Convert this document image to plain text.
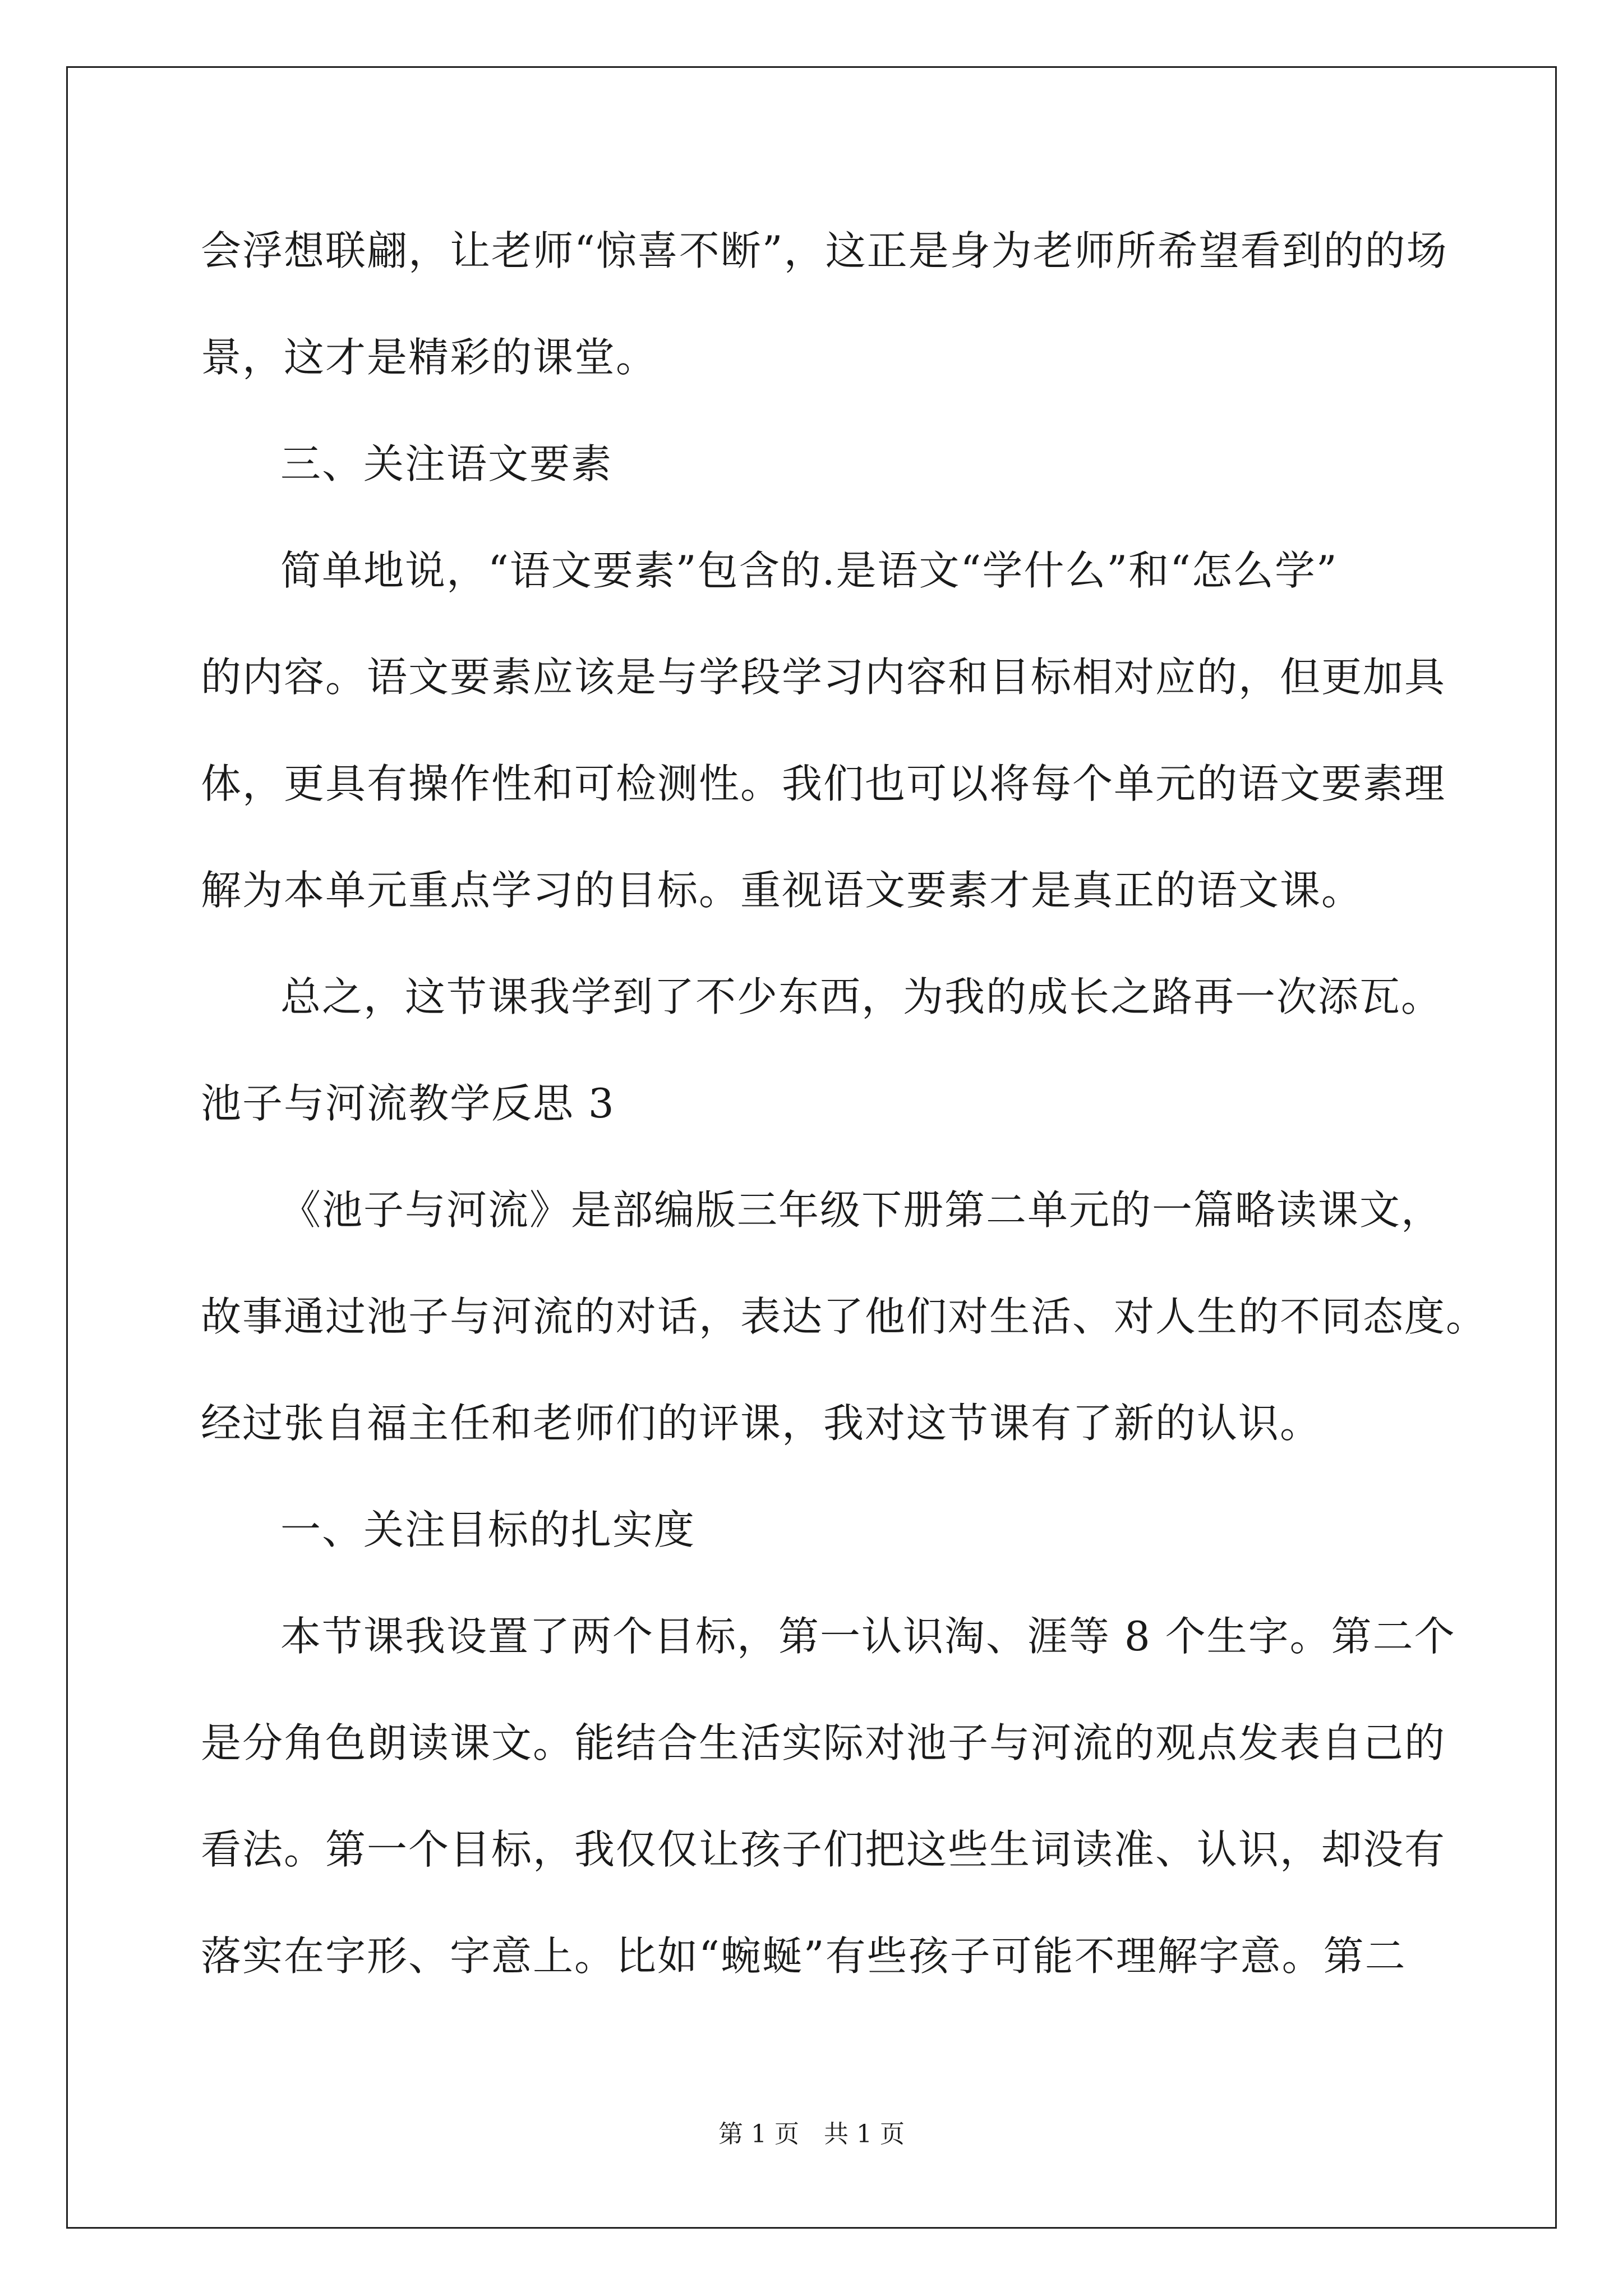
会浮想联翩，让老师“惊喜不断”，这正是身为老师所希望看到的的场
景，这才是精彩的课堂。
三、关注语文要素
简单地说，“语文要素”包含的.是语文“学什么”和“怎么学”
的内容。语文要素应该是与学段学习内容和目标相对应的，但更加具
体，更具有操作性和可检测性。我们也可以将每个单元的语文要素理
解为本单元重点学习的目标。重视语文要素才是真正的语文课。
总之，这节课我学到了不少东西，为我的成长之路再一次添瓦。
池子与河流教学反思 3
《池子与河流》是部编版三年级下册第二单元的一篇略读课文，
故事通过池子与河流的对话，表达了他们对生活、对人生的不同态度。
经过张自福主任和老师们的评课，我对这节课有了新的认识。
一、关注目标的扎实度
本节课我设置了两个目标，第一认识淘、涯等 8 个生字。第二个
是分角色朗读课文。能结合生活实际对池子与河流的观点发表自己的
看法。第一个目标，我仅仅让孩子们把这些生词读准、认识，却没有
落实在字形、字意上。比如“蜿蜒”有些孩子可能不理解字意。第二
第 1 页　共 1 页
